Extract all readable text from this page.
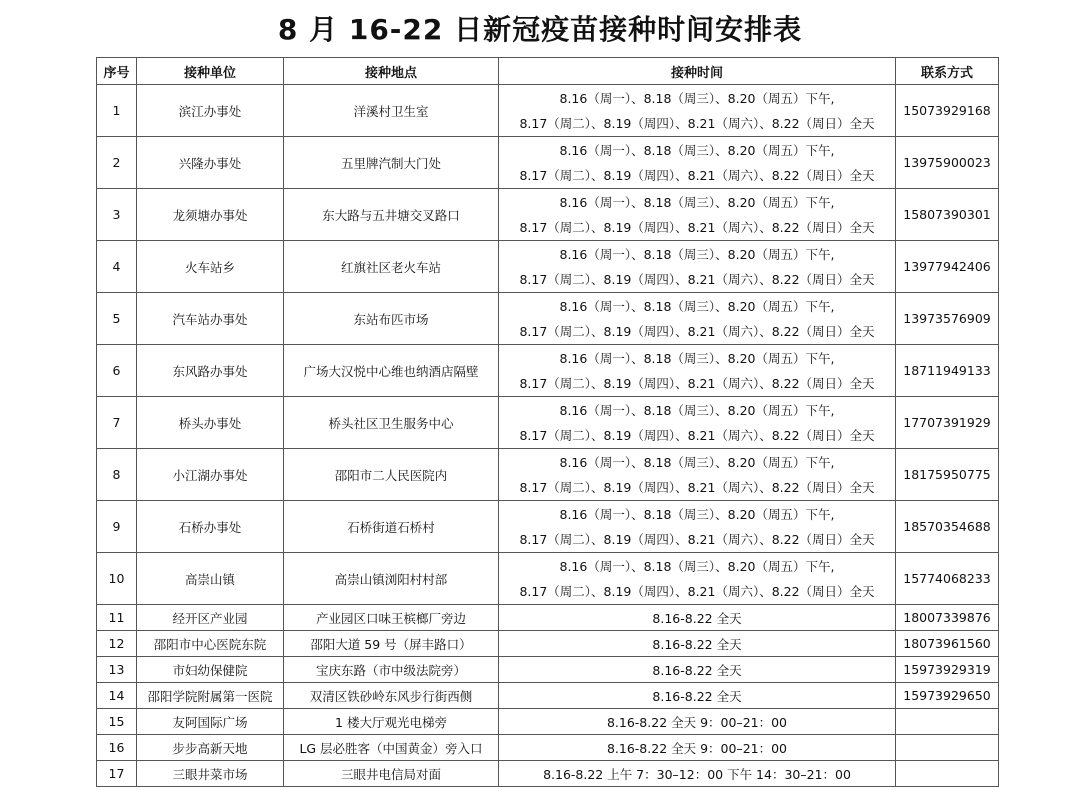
8 月 16-22 日新冠疫苗接种时间安排表
序号	接种单位	接种地点	接种时间	联系方式
1	滨江办事处	洋溪村卫生室	8.16（周一）、8.18（周三）、8.20（周五）下午,
8.17（周二）、8.19（周四）、8.21（周六）、8.22（周日）全天	15073929168
2	兴隆办事处	五里牌汽制大门处	8.16（周一）、8.18（周三）、8.20（周五）下午,
8.17（周二）、8.19（周四）、8.21（周六）、8.22（周日）全天	13975900023
3	龙须塘办事处	东大路与五井塘交叉路口	8.16（周一）、8.18（周三）、8.20（周五）下午,
8.17（周二）、8.19（周四）、8.21（周六）、8.22（周日）全天	15807390301
4	火车站乡	红旗社区老火车站	8.16（周一）、8.18（周三）、8.20（周五）下午,
8.17（周二）、8.19（周四）、8.21（周六）、8.22（周日）全天	13977942406
5	汽车站办事处	东站布匹市场	8.16（周一）、8.18（周三）、8.20（周五）下午,
8.17（周二）、8.19（周四）、8.21（周六）、8.22（周日）全天	13973576909
6	东风路办事处	广场大汉悦中心维也纳酒店隔壁	8.16（周一）、8.18（周三）、8.20（周五）下午,
8.17（周二）、8.19（周四）、8.21（周六）、8.22（周日）全天	18711949133
7	桥头办事处	桥头社区卫生服务中心	8.16（周一）、8.18（周三）、8.20（周五）下午,
8.17（周二）、8.19（周四）、8.21（周六）、8.22（周日）全天	17707391929
8	小江湖办事处	邵阳市二人民医院内	8.16（周一）、8.18（周三）、8.20（周五）下午,
8.17（周二）、8.19（周四）、8.21（周六）、8.22（周日）全天	18175950775
9	石桥办事处	石桥街道石桥村	8.16（周一）、8.18（周三）、8.20（周五）下午,
8.17（周二）、8.19（周四）、8.21（周六）、8.22（周日）全天	18570354688
10	高崇山镇	高崇山镇浏阳村村部	8.16（周一）、8.18（周三）、8.20（周五）下午,
8.17（周二）、8.19（周四）、8.21（周六）、8.22（周日）全天	15774068233
11	经开区产业园	产业园区口味王槟榔厂旁边	8.16-8.22 全天	18007339876
12	邵阳市中心医院东院	邵阳大道 59 号（屏丰路口）	8.16-8.22 全天	18073961560
13	市妇幼保健院	宝庆东路（市中级法院旁）	8.16-8.22 全天	15973929319
14	邵阳学院附属第一医院	双清区铁砂岭东风步行街西侧	8.16-8.22 全天	15973929650
15	友阿国际广场	1 楼大厅观光电梯旁	8.16-8.22 全天 9：00–21：00	
16	步步高新天地	LG 层必胜客（中国黄金）旁入口	8.16-8.22 全天 9：00–21：00	
17	三眼井菜市场	三眼井电信局对面	8.16-8.22 上午 7：30–12：00 下午 14：30–21：00	
